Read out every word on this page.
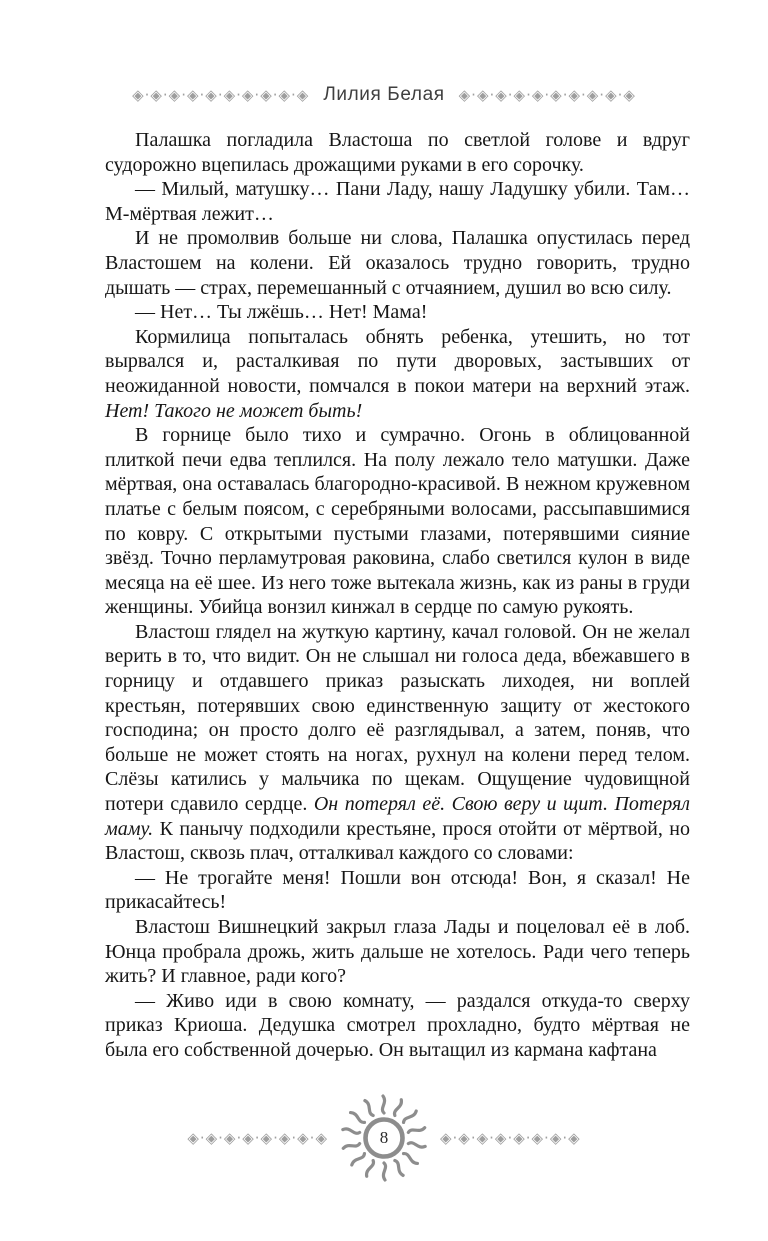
◈·◈·◈·◈·◈·◈·◈·◈·◈·◈ Лилия Белая ◈·◈·◈·◈·◈·◈·◈·◈·◈·◈

Палашка погладила Властоша по светлой голове и вдруг судорожно вцепилась дрожащими руками в его сорочку.

— Милый, матушку… Пани Ладу, нашу Ладушку убили. Там… М-мёртвая лежит…

И не промолвив больше ни слова, Палашка опустилась перед Властошем на колени. Ей оказалось трудно говорить, трудно дышать — страх, перемешанный с отчаянием, душил во всю силу.

— Нет… Ты лжёшь… Нет! Мама!

Кормилица попыталась обнять ребенка, утешить, но тот вырвался и, расталкивая по пути дворовых, застывших от неожиданной новости, помчался в покои матери на верхний этаж. Нет! Такого не может быть!

В горнице было тихо и сумрачно. Огонь в облицованной плиткой печи едва теплился. На полу лежало тело матушки. Даже мёртвая, она оставалась благородно-красивой. В нежном кружевном платье с белым поясом, с серебряными волосами, рассыпавшимися по ковру. С открытыми пустыми глазами, потерявшими сияние звёзд. Точно перламутровая раковина, слабо светился кулон в виде месяца на её шее. Из него тоже вытекала жизнь, как из раны в груди женщины. Убийца вонзил кинжал в сердце по самую рукоять.

Властош глядел на жуткую картину, качал головой. Он не желал верить в то, что видит. Он не слышал ни голоса деда, вбежавшего в горницу и отдавшего приказ разыскать лиходея, ни воплей крестьян, потерявших свою единственную защиту от жестокого господина; он просто долго её разглядывал, а затем, поняв, что больше не может стоять на ногах, рухнул на колени перед телом. Слёзы катились у мальчика по щекам. Ощущение чудовищной потери сдавило сердце. Он потерял её. Свою веру и щит. Потерял маму. К панычу подходили крестьяне, прося отойти от мёртвой, но Властош, сквозь плач, отталкивал каждого со словами:

— Не трогайте меня! Пошли вон отсюда! Вон, я сказал! Не прикасайтесь!

Властош Вишнецкий закрыл глаза Лады и поцеловал её в лоб. Юнца пробрала дрожь, жить дальше не хотелось. Ради чего теперь жить? И главное, ради кого?

— Живо иди в свою комнату, — раздался откуда-то сверху приказ Криоша. Дедушка смотрел прохладно, будто мёртвая не была его собственной дочерью. Он вытащил из кармана кафтана

◈·◈·◈·◈·◈·◈·◈·◈	8	◈·◈·◈·◈·◈·◈·◈·◈
